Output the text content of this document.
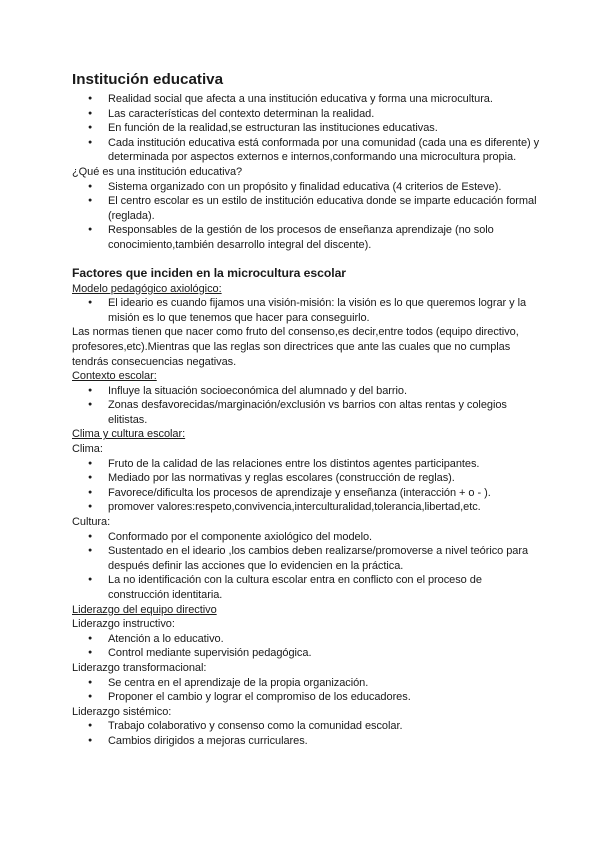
Institución educativa
● Realidad social que afecta a una institución educativa y forma una microcultura.
● Las características del contexto determinan la realidad.
● En función de la realidad,se estructuran las instituciones educativas.
● Cada institución educativa está conformada por una comunidad (cada una es diferente) y determinada por aspectos externos e internos,conformando una microcultura propia.

¿Qué es una institución educativa?

● Sistema organizado con un propósito y finalidad educativa (4 criterios de Esteve).
● El centro escolar es un estilo de institución educativa donde se imparte educación formal (reglada).
● Responsables de la gestión de los procesos de enseñanza aprendizaje (no solo conocimiento,también desarrollo integral del discente).
Factores que inciden en la microcultura escolar

Modelo pedagógico axiológico:

● El ideario es cuando fijamos una visión-misión: la visión es lo que queremos lograr y la misión es lo que tenemos que hacer para conseguirlo.

Las normas tienen que nacer como fruto del consenso,es decir,entre todos (equipo directivo, profesores,etc).Mientras que las reglas son directrices que ante las cuales que no cumplas tendrás consecuencias negativas.

Contexto escolar:

● Influye la situación socioeconómica del alumnado y del barrio.
● Zonas desfavorecidas/marginación/exclusión vs barrios con altas rentas y colegios elitistas.

Clima y cultura escolar:

Clima:

● Fruto de la calidad de las relaciones entre los distintos agentes participantes.
● Mediado por las normativas y reglas escolares (construcción de reglas).
● Favorece/dificulta los procesos de aprendizaje y enseñanza (interacción + o - ).
● promover valores:respeto,convivencia,interculturalidad,tolerancia,libertad,etc.

Cultura:

● Conformado por el componente axiológico del modelo.
● Sustentado en el ideario ,los cambios deben realizarse/promoverse a nivel teórico para después definir las acciones que lo evidencien en la práctica.
● La no identificación con la cultura escolar entra en conflicto con el proceso de construcción identitaria.

Liderazgo del equipo directivo

Liderazgo instructivo:

● Atención a lo educativo.
● Control mediante supervisión pedagógica.

Liderazgo transformacional:

● Se centra en el aprendizaje de la propia organización.
● Proponer el cambio y lograr el compromiso de los educadores.

Liderazgo sistémico:

● Trabajo colaborativo y consenso como la comunidad escolar.
● Cambios dirigidos a mejoras curriculares.
